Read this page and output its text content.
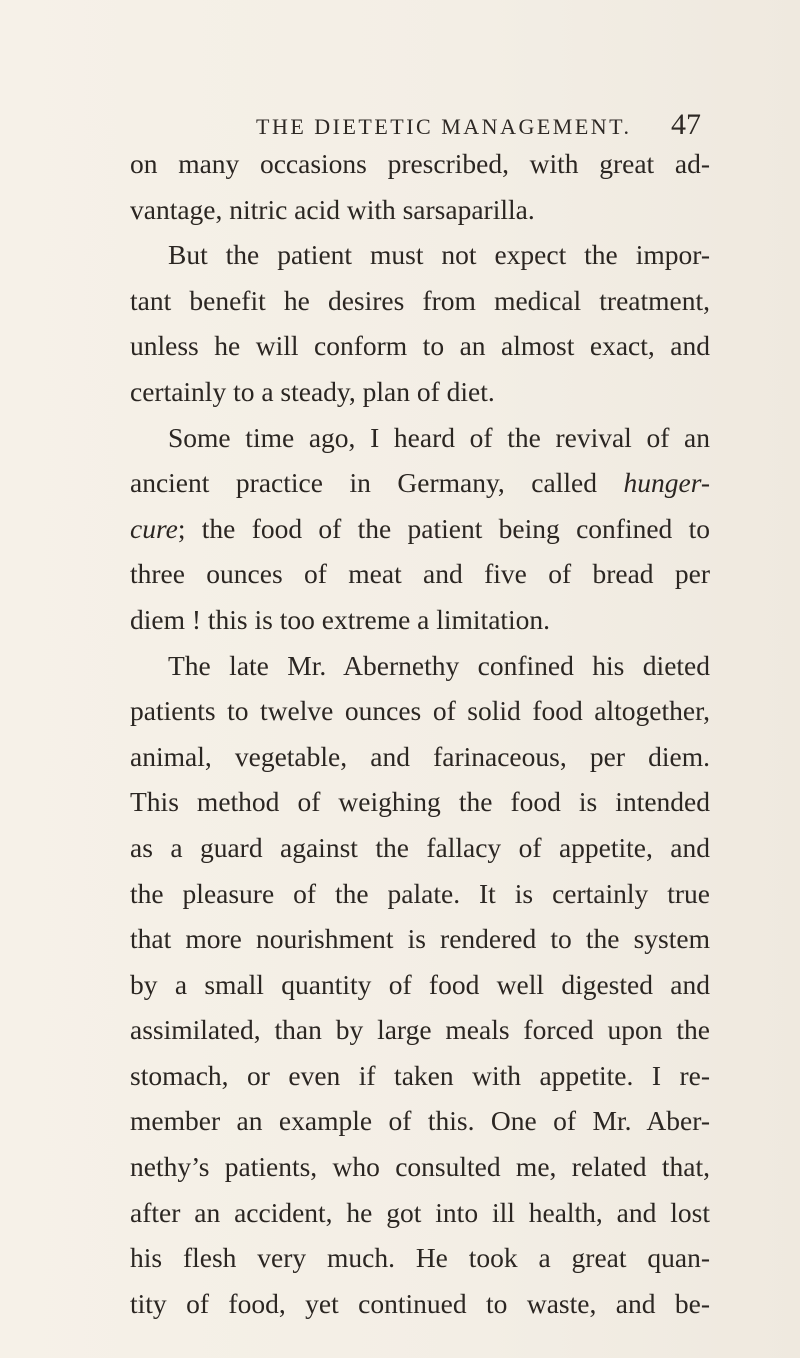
THE DIETETIC MANAGEMENT. 47
on many occasions prescribed, with great ad-
vantage, nitric acid with sarsaparilla.
But the patient must not expect the impor-
tant benefit he desires from medical treatment,
unless he will conform to an almost exact, and
certainly to a steady, plan of diet.
Some time ago, I heard of the revival of an
ancient practice in Germany, called hunger-
cure; the food of the patient being confined to
three ounces of meat and five of bread per
diem ! this is too extreme a limitation.
The late Mr. Abernethy confined his dieted
patients to twelve ounces of solid food altogether,
animal, vegetable, and farinaceous, per diem.
This method of weighing the food is intended
as a guard against the fallacy of appetite, and
the pleasure of the palate. It is certainly true
that more nourishment is rendered to the system
by a small quantity of food well digested and
assimilated, than by large meals forced upon the
stomach, or even if taken with appetite. I re-
member an example of this. One of Mr. Aber-
nethy’s patients, who consulted me, related that,
after an accident, he got into ill health, and lost
his flesh very much. He took a great quan-
tity of food, yet continued to waste, and be-
